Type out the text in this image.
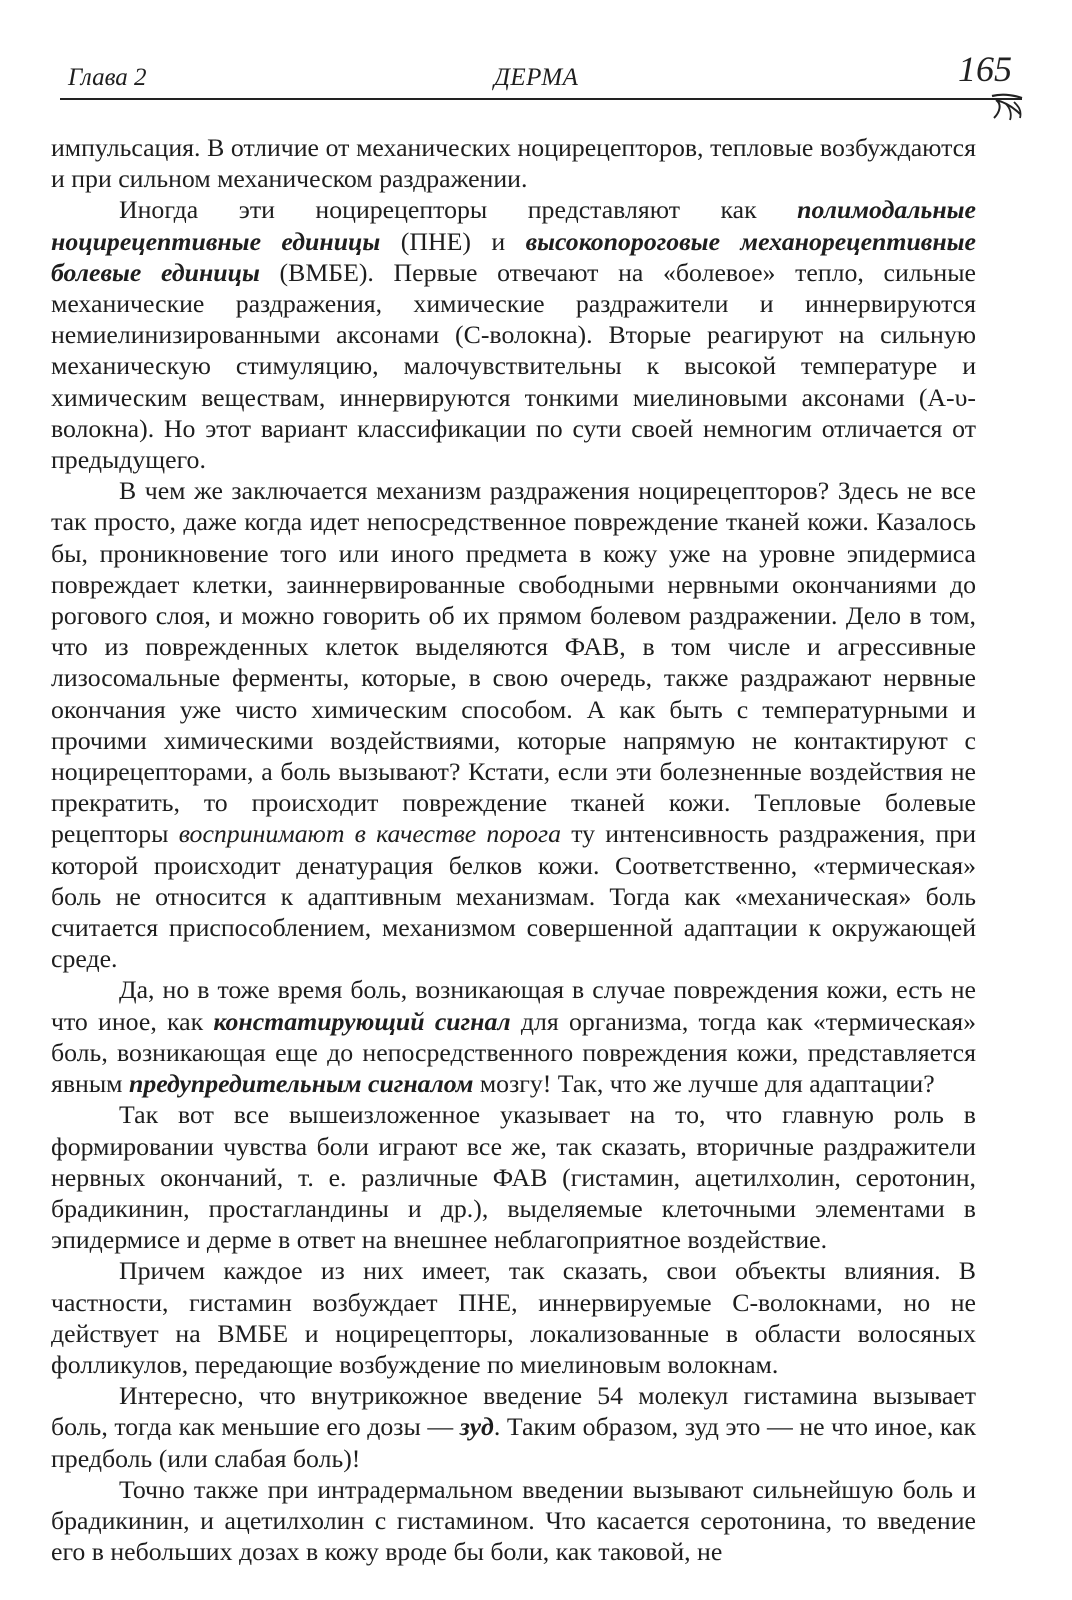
Глава 2	ДЕРМА	165

импульсация. В отличие от механических ноцирецепторов, тепловые возбуждаются и при сильном механическом раздражении.

Иногда эти ноцирецепторы представляют как полимодальные ноцирецептивные единицы (ПНЕ) и высокопороговые механорецептивные болевые единицы (ВМБЕ). Первые отвечают на «болевое» тепло, сильные механические раздражения, химические раздражители и иннервируются немиелинизированными аксонами (С-волокна). Вторые реагируют на сильную механическую стимуляцию, малочувствительны к высокой температуре и химическим веществам, иннервируются тонкими миелиновыми аксонами (А-υ-волокна). Но этот вариант классификации по сути своей немногим отличается от предыдущего.

В чем же заключается механизм раздражения ноцирецепторов? Здесь не все так просто, даже когда идет непосредственное повреждение тканей кожи. Казалось бы, проникновение того или иного предмета в кожу уже на уровне эпидермиса повреждает клетки, заиннервированные свободными нервными окончаниями до рогового слоя, и можно говорить об их прямом болевом раздражении. Дело в том, что из поврежденных клеток выделяются ФАВ, в том числе и агрессивные лизосомальные ферменты, которые, в свою очередь, также раздражают нервные окончания уже чисто химическим способом. А как быть с температурными и прочими химическими воздействиями, которые напрямую не контактируют с ноцирецепторами, а боль вызывают? Кстати, если эти болезненные воздействия не прекратить, то происходит повреждение тканей кожи. Тепловые болевые рецепторы воспринимают в качестве порога ту интенсивность раздражения, при которой происходит денатурация белков кожи. Соответственно, «термическая» боль не относится к адаптивным механизмам. Тогда как «механическая» боль считается приспособлением, механизмом совершенной адаптации к окружающей среде.

Да, но в тоже время боль, возникающая в случае повреждения кожи, есть не что иное, как констатирующий сигнал для организма, тогда как «термическая» боль, возникающая еще до непосредственного повреждения кожи, представляется явным предупредительным сигналом мозгу! Так, что же лучше для адаптации?

Так вот все вышеизложенное указывает на то, что главную роль в формировании чувства боли играют все же, так сказать, вторичные раздражители нервных окончаний, т. е. различные ФАВ (гистамин, ацетилхолин, серотонин, брадикинин, простагландины и др.), выделяемые клеточными элементами в эпидермисе и дерме в ответ на внешнее неблагоприятное воздействие.

Причем каждое из них имеет, так сказать, свои объекты влияния. В частности, гистамин возбуждает ПНЕ, иннервируемые С-волокнами, но не действует на ВМБЕ и ноцирецепторы, локализованные в области волосяных фолликулов, передающие возбуждение по миелиновым волокнам.

Интересно, что внутрикожное введение 54 молекул гистамина вызывает боль, тогда как меньшие его дозы — зуд. Таким образом, зуд это — не что иное, как предболь (или слабая боль)!

Точно также при интрадермальном введении вызывают сильнейшую боль и брадикинин, и ацетилхолин с гистамином. Что касается серотонина, то введение его в небольших дозах в кожу вроде бы боли, как таковой, не
